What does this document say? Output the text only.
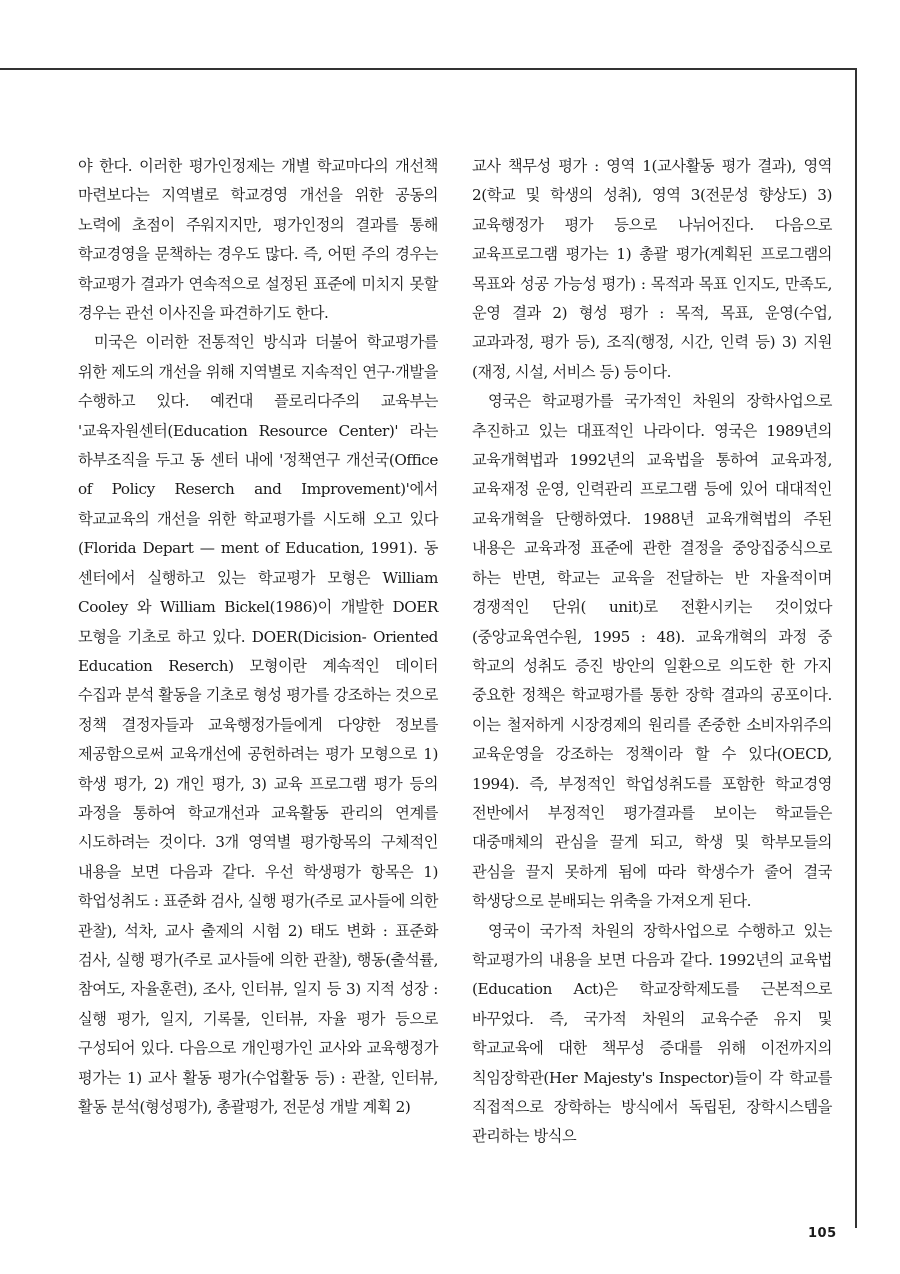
야 한다. 이러한 평가인정제는 개별 학교마다의 개선책 마련보다는 지역별로 학교경영 개선을 위한 공동의 노력에 초점이 주워지지만, 평가인정의 결과를 통해 학교경영을 문책하는 경우도 많다. 즉, 어떤 주의 경우는 학교평가 결과가 연속적으로 설정된 표준에 미치지 못할 경우는 관선 이사진을 파견하기도 한다.

미국은 이러한 전통적인 방식과 더불어 학교평가를 위한 제도의 개선을 위해 지역별로 지속적인 연구·개발을 수행하고 있다. 예컨대 플로리다주의 교육부는 '교육자원센터(Education Resource Center)' 라는 하부조직을 두고 동 센터 내에 '정책연구 개선국(Office of Policy Reserch and Improvement)'에서 학교교육의 개선을 위한 학교평가를 시도해 오고 있다(Florida Depart — ment of Education, 1991). 동 센터에서 실행하고 있는 학교평가 모형은 William Cooley 와 William Bickel(1986)이 개발한 DOER 모형을 기초로 하고 있다. DOER(Dicision- Oriented Education Reserch) 모형이란 계속적인 데이터 수집과 분석 활동을 기초로 형성 평가를 강조하는 것으로 정책 결정자들과 교육행정가들에게 다양한 정보를 제공함으로써 교육개선에 공헌하려는 평가 모형으로 1) 학생 평가, 2) 개인 평가, 3) 교육 프로그램 평가 등의 과정을 통하여 학교개선과 교육활동 관리의 연계를 시도하려는 것이다. 3개 영역별 평가항목의 구체적인 내용을 보면 다음과 같다. 우선 학생평가 항목은 1) 학업성취도 : 표준화 검사, 실행 평가(주로 교사들에 의한 관찰), 석차, 교사 출제의 시험 2) 태도 변화 : 표준화 검사, 실행 평가(주로 교사들에 의한 관찰), 행동(출석률, 참여도, 자율훈련), 조사, 인터뷰, 일지 등 3) 지적 성장 : 실행 평가, 일지, 기록물, 인터뷰, 자율 평가 등으로 구성되어 있다. 다음으로 개인평가인 교사와 교육행정가 평가는 1) 교사 활동 평가(수업활동 등) : 관찰, 인터뷰, 활동 분석(형성평가), 총괄평가, 전문성 개발 계획 2)

교사 책무성 평가 : 영역 1(교사활동 평가 결과), 영역 2(학교 및 학생의 성취), 영역 3(전문성 향상도) 3) 교육행정가 평가 등으로 나뉘어진다. 다음으로 교육프로그램 평가는 1) 총괄 평가(계획된 프로그램의 목표와 성공 가능성 평가) : 목적과 목표 인지도, 만족도, 운영 결과 2) 형성 평가 : 목적, 목표, 운영(수업, 교과과정, 평가 등), 조직(행정, 시간, 인력 등) 3) 지원(재정, 시설, 서비스 등) 등이다.

영국은 학교평가를 국가적인 차원의 장학사업으로 추진하고 있는 대표적인 나라이다. 영국은 1989년의 교육개혁법과 1992년의 교육법을 통하여 교육과정, 교육재정 운영, 인력관리 프로그램 등에 있어 대대적인 교육개혁을 단행하였다. 1988년 교육개혁법의 주된 내용은 교육과정 표준에 관한 결정을 중앙집중식으로 하는 반면, 학교는 교육을 전달하는 반 자율적이며 경쟁적인 단위( unit)로 전환시키는 것이었다(중앙교육연수원, 1995 : 48). 교육개혁의 과정 중 학교의 성취도 증진 방안의 일환으로 의도한 한 가지 중요한 정책은 학교평가를 통한 장학 결과의 공포이다. 이는 철저하게 시장경제의 원리를 존중한 소비자위주의 교육운영을 강조하는 정책이라 할 수 있다(OECD, 1994). 즉, 부정적인 학업성취도를 포함한 학교경영 전반에서 부정적인 평가결과를 보이는 학교들은 대중매체의 관심을 끌게 되고, 학생 및 학부모들의 관심을 끌지 못하게 됨에 따라 학생수가 줄어 결국 학생당으로 분배되는 위축을 가져오게 된다.

영국이 국가적 차원의 장학사업으로 수행하고 있는 학교평가의 내용을 보면 다음과 같다. 1992년의 교육법(Education Act)은 학교장학제도를 근본적으로 바꾸었다. 즉, 국가적 차원의 교육수준 유지 및 학교교육에 대한 책무성 증대를 위해 이전까지의 칙임장학관(Her Majesty's Inspector)들이 각 학교를 직접적으로 장학하는 방식에서 독립된, 장학시스템을 관리하는 방식으

105
